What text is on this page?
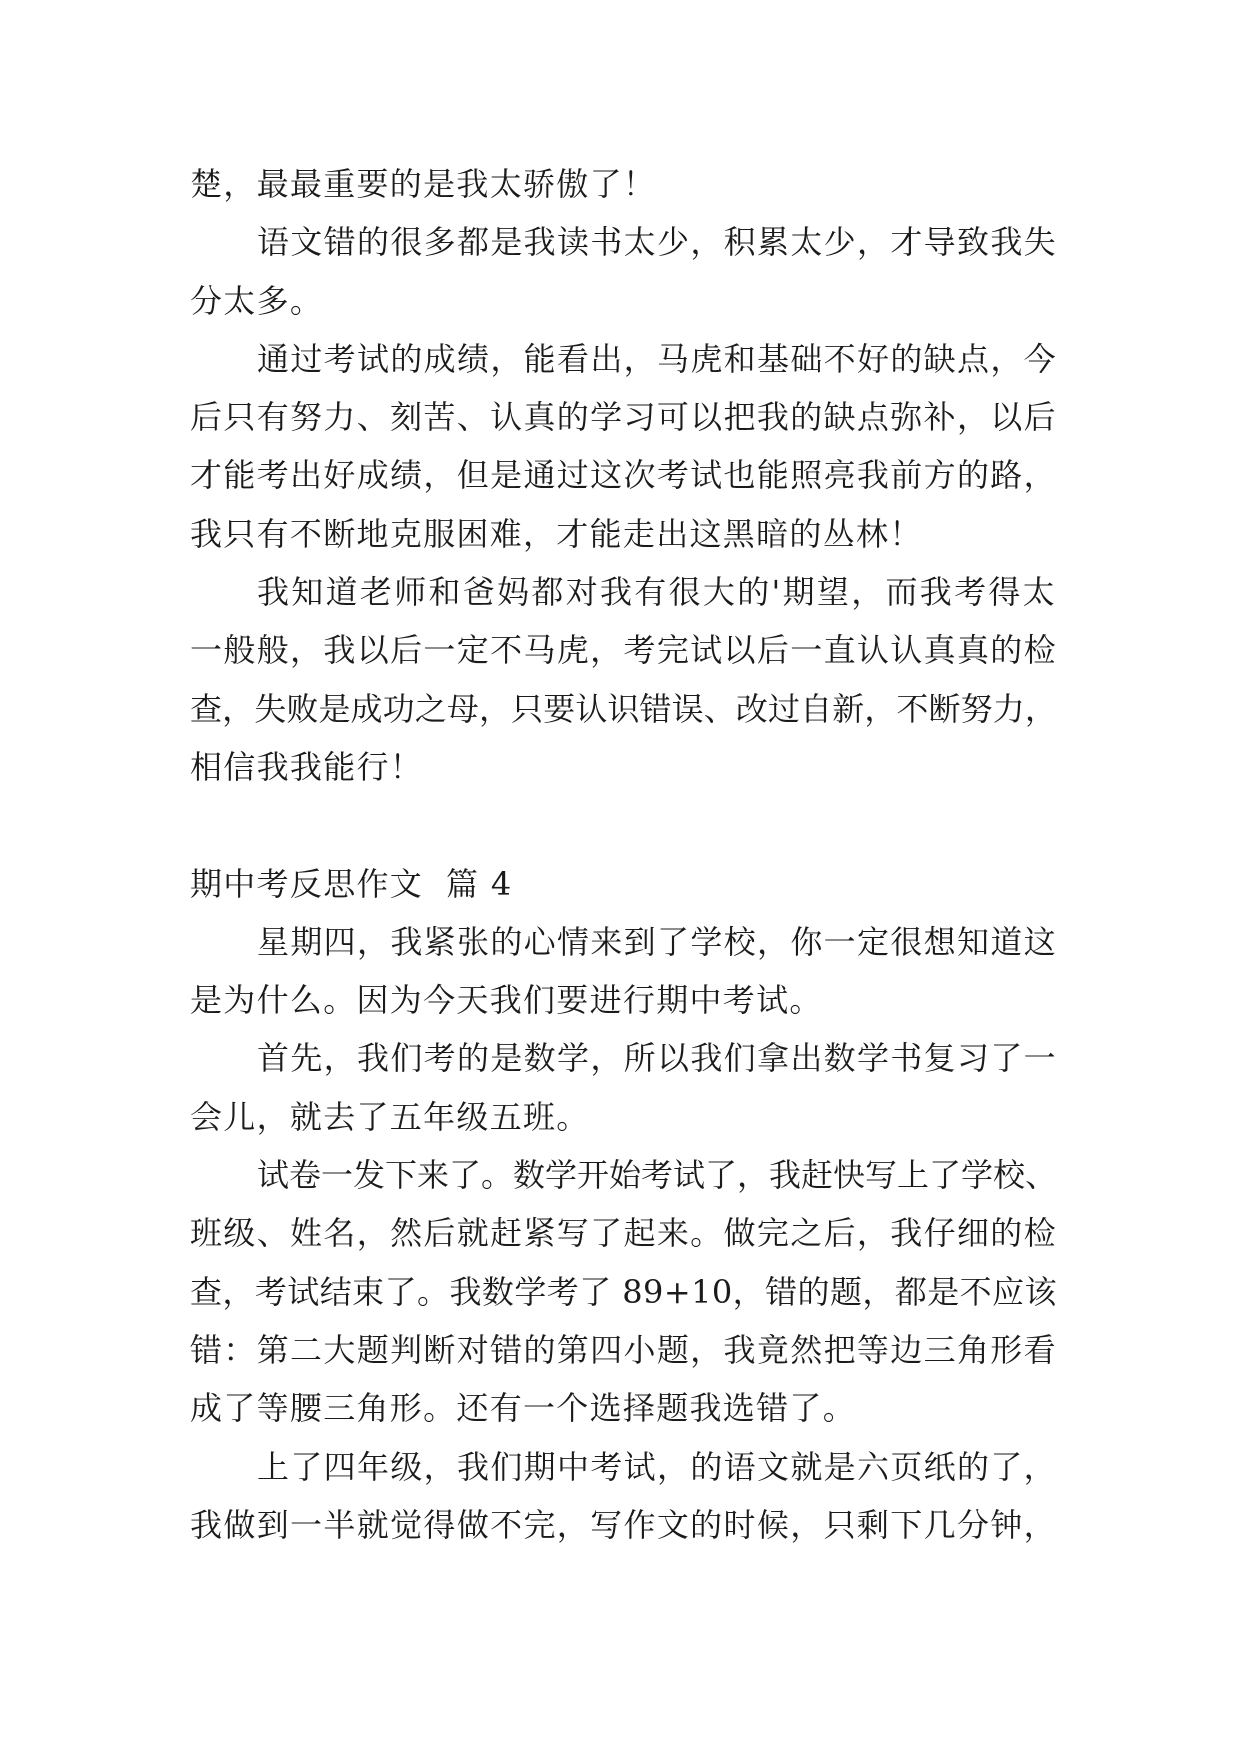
楚，最最重要的是我太骄傲了！
语文错的很多都是我读书太少，积累太少，才导致我失
分太多。
通过考试的成绩，能看出，马虎和基础不好的缺点，今
后只有努力、刻苦、认真的学习可以把我的缺点弥补，以后
才能考出好成绩，但是通过这次考试也能照亮我前方的路，
我只有不断地克服困难，才能走出这黑暗的丛林！
我知道老师和爸妈都对我有很大的'期望，而我考得太
一般般，我以后一定不马虎，考完试以后一直认认真真的检
查，失败是成功之母，只要认识错误、改过自新，不断努力，
相信我我能行！
期中考反思作文  篇 4
星期四，我紧张的心情来到了学校，你一定很想知道这
是为什么。因为今天我们要进行期中考试。
首先，我们考的是数学，所以我们拿出数学书复习了一
会儿，就去了五年级五班。
试卷一发下来了。数学开始考试了，我赶快写上了学校、
班级、姓名，然后就赶紧写了起来。做完之后，我仔细的检
查，考试结束了。我数学考了 89+10，错的题，都是不应该
错：第二大题判断对错的第四小题，我竟然把等边三角形看
成了等腰三角形。还有一个选择题我选错了。
上了四年级，我们期中考试，的语文就是六页纸的了，
我做到一半就觉得做不完，写作文的时候，只剩下几分钟，
